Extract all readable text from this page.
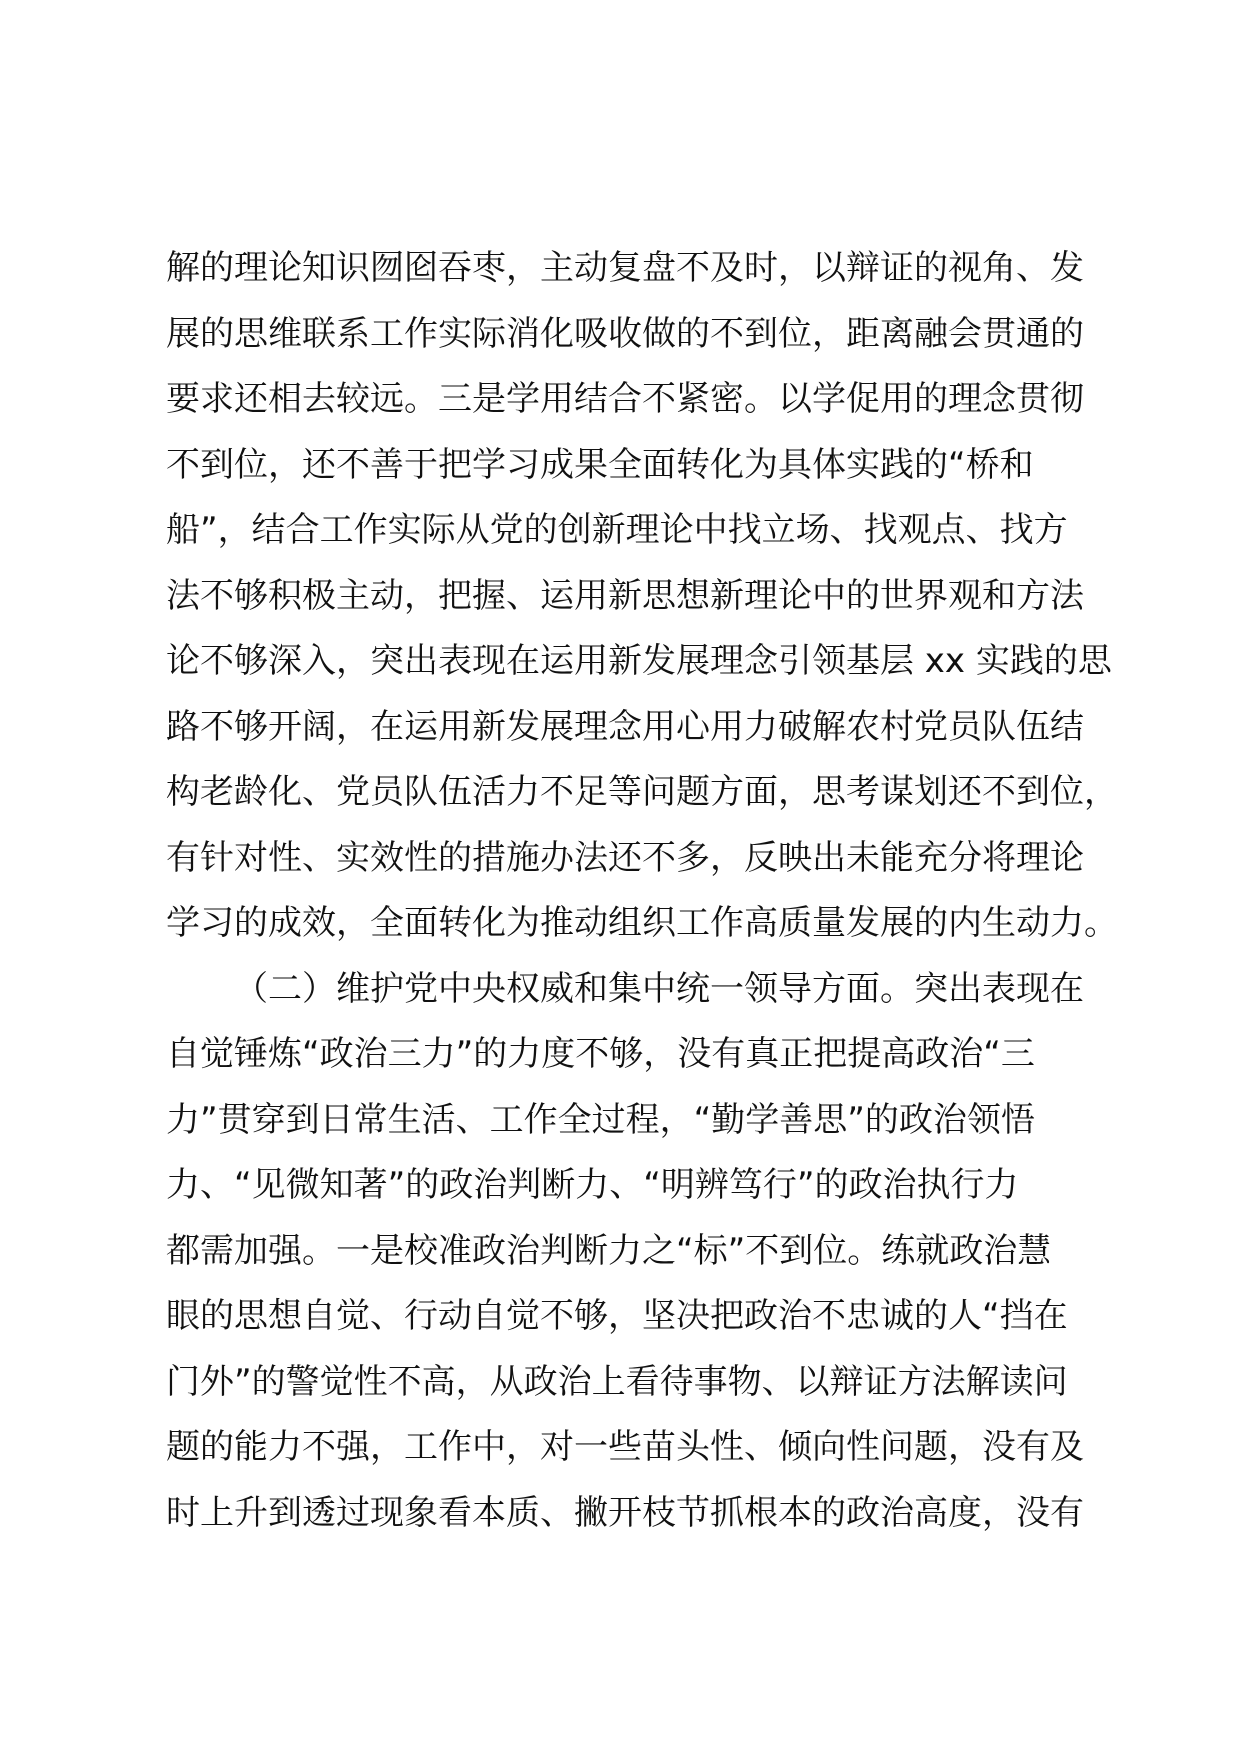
解的理论知识囫囵吞枣，主动复盘不及时，以辩证的视角、发
展的思维联系工作实际消化吸收做的不到位，距离融会贯通的
要求还相去较远。三是学用结合不紧密。以学促用的理念贯彻
不到位，还不善于把学习成果全面转化为具体实践的“桥和
船”，结合工作实际从党的创新理论中找立场、找观点、找方
法不够积极主动，把握、运用新思想新理论中的世界观和方法
论不够深入，突出表现在运用新发展理念引领基层 xx 实践的思
路不够开阔，在运用新发展理念用心用力破解农村党员队伍结
构老龄化、党员队伍活力不足等问题方面，思考谋划还不到位，
有针对性、实效性的措施办法还不多，反映出未能充分将理论
学习的成效，全面转化为推动组织工作高质量发展的内生动力。
（二）维护党中央权威和集中统一领导方面。突出表现在
自觉锤炼“政治三力”的力度不够，没有真正把提高政治“三
力”贯穿到日常生活、工作全过程，“勤学善思”的政治领悟
力、“见微知著”的政治判断力、“明辨笃行”的政治执行力
都需加强。一是校准政治判断力之“标”不到位。练就政治慧
眼的思想自觉、行动自觉不够，坚决把政治不忠诚的人“挡在
门外”的警觉性不高，从政治上看待事物、以辩证方法解读问
题的能力不强，工作中，对一些苗头性、倾向性问题，没有及
时上升到透过现象看本质、撇开枝节抓根本的政治高度，没有
